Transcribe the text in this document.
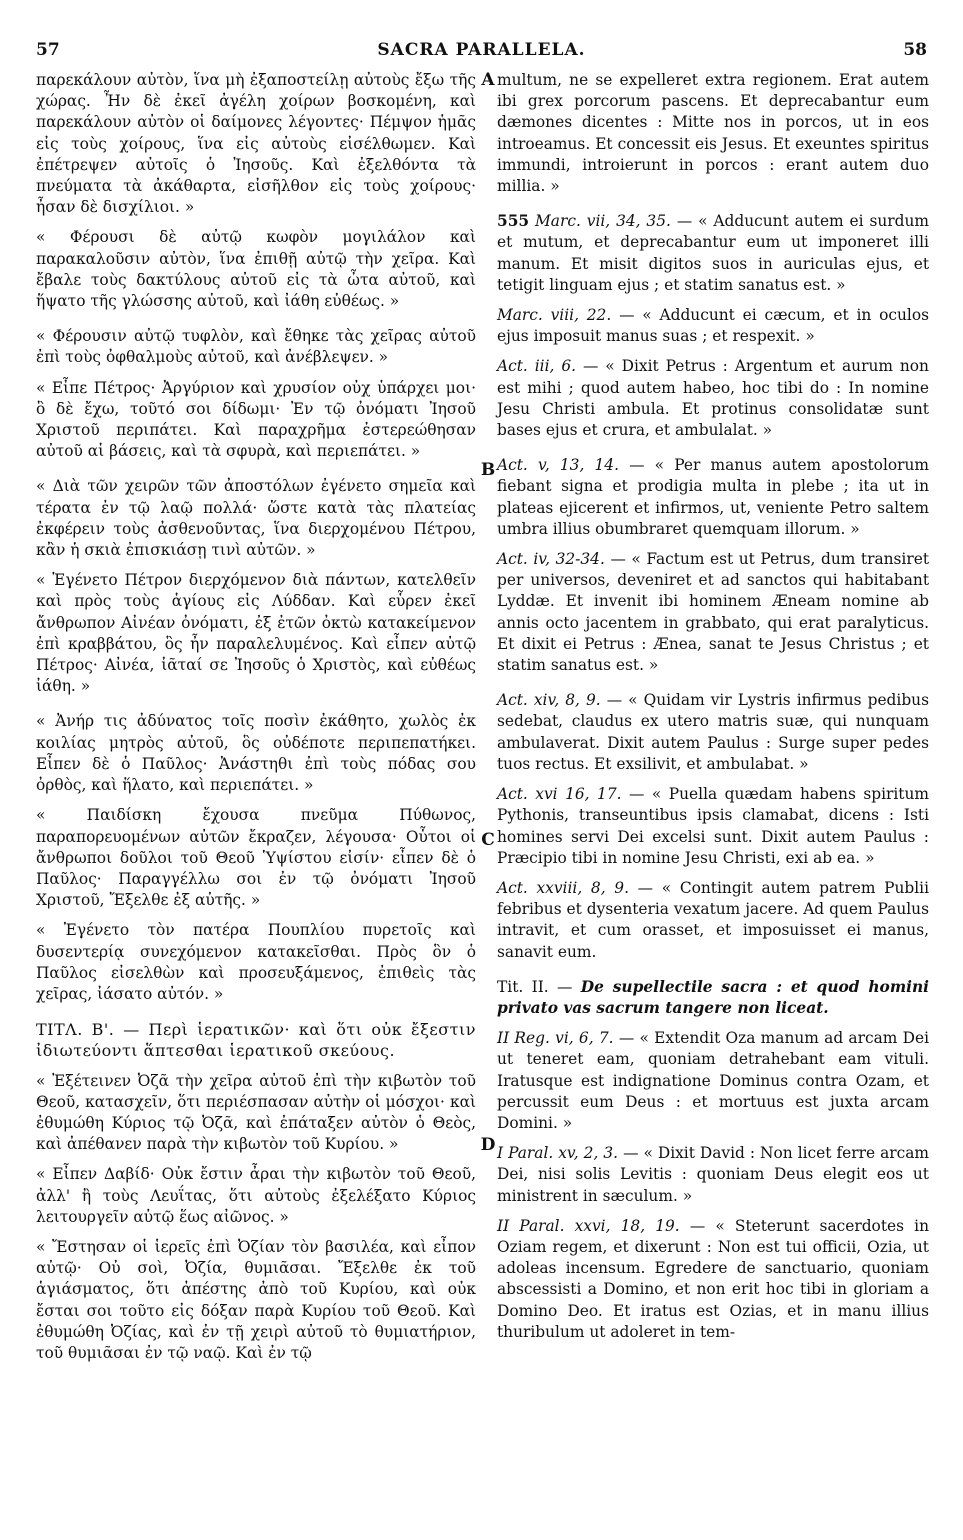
57	SACRA PARALLELA.	58
A
B
C
D

παρεκάλουν αὐτὸν, ἵνα μὴ ἐξαποστείλῃ αὐτοὺς ἔξω τῆς χώρας. Ἦν δὲ ἐκεῖ ἀγέλη χοίρων βοσκομένη, καὶ παρεκάλουν αὐτὸν οἱ δαίμονες λέγοντες· Πέμψον ἡμᾶς εἰς τοὺς χοίρους, ἵνα εἰς αὐτοὺς εἰσέλθωμεν. Καὶ ἐπέτρεψεν αὐτοῖς ὁ Ἰησοῦς. Καὶ ἐξελθόντα τὰ πνεύματα τὰ ἀκάθαρτα, εἰσῆλθον εἰς τοὺς χοίρους· ἦσαν δὲ δισχίλιοι. »

« Φέρουσι δὲ αὐτῷ κωφὸν μογιλάλον καὶ παρακαλοῦσιν αὐτὸν, ἵνα ἐπιθῇ αὐτῷ τὴν χεῖρα. Καὶ ἔβαλε τοὺς δακτύλους αὐτοῦ εἰς τὰ ὦτα αὐτοῦ, καὶ ἥψατο τῆς γλώσσης αὐτοῦ, καὶ ἰάθη εὐθέως. »

« Φέρουσιν αὐτῷ τυφλὸν, καὶ ἔθηκε τὰς χεῖρας αὐτοῦ ἐπὶ τοὺς ὀφθαλμοὺς αὐτοῦ, καὶ ἀνέβλεψεν. »

« Εἶπε Πέτρος· Ἀργύριον καὶ χρυσίον οὐχ ὑπάρχει μοι· ὃ δὲ ἔχω, τοῦτό σοι δίδωμι· Ἐν τῷ ὀνόματι Ἰησοῦ Χριστοῦ περιπάτει. Καὶ παραχρῆμα ἐστερεώθησαν αὐτοῦ αἱ βάσεις, καὶ τὰ σφυρὰ, καὶ περιεπάτει. »

« Διὰ τῶν χειρῶν τῶν ἀποστόλων ἐγένετο σημεῖα καὶ τέρατα ἐν τῷ λαῷ πολλά· ὥστε κατὰ τὰς πλατείας ἐκφέρειν τοὺς ἀσθενοῦντας, ἵνα διερχομένου Πέτρου, κἂν ἡ σκιὰ ἐπισκιάσῃ τινὶ αὐτῶν. »

« Ἐγένετο Πέτρον διερχόμενον διὰ πάντων, κατελθεῖν καὶ πρὸς τοὺς ἁγίους εἰς Λύδδαν. Καὶ εὗρεν ἐκεῖ ἄνθρωπον Αἰνέαν ὀνόματι, ἐξ ἐτῶν ὀκτὼ κατακείμενον ἐπὶ κραββάτου, ὃς ἦν παραλελυμένος. Καὶ εἶπεν αὐτῷ Πέτρος· Αἰνέα, ἰᾶταί σε Ἰησοῦς ὁ Χριστὸς, καὶ εὐθέως ἰάθη. »

« Ἀνήρ τις ἀδύνατος τοῖς ποσὶν ἐκάθητο, χωλὸς ἐκ κοιλίας μητρὸς αὐτοῦ, ὃς οὐδέποτε περιπεπατήκει. Εἶπεν δὲ ὁ Παῦλος· Ἀνάστηθι ἐπὶ τοὺς πόδας σου ὀρθὸς, καὶ ἥλατο, καὶ περιεπάτει. »

« Παιδίσκη ἔχουσα πνεῦμα Πύθωνος, παραπορευομένων αὐτῶν ἔκραζεν, λέγουσα· Οὗτοι οἱ ἄνθρωποι δοῦλοι τοῦ Θεοῦ Ὑψίστου εἰσίν· εἶπεν δὲ ὁ Παῦλος· Παραγγέλλω σοι ἐν τῷ ὀνόματι Ἰησοῦ Χριστοῦ, Ἔξελθε ἐξ αὐτῆς. »

« Ἐγένετο τὸν πατέρα Πουπλίου πυρετοῖς καὶ δυσεντερίᾳ συνεχόμενον κατακεῖσθαι. Πρὸς ὃν ὁ Παῦλος εἰσελθὼν καὶ προσευξάμενος, ἐπιθεὶς τὰς χεῖρας, ἰάσατο αὐτόν. »

ΤΙΤΛ. Β'. — Περὶ ἱερατικῶν· καὶ ὅτι οὐκ ἔξεστιν ἰδιωτεύοντι ἅπτεσθαι ἱερατικοῦ σκεύους.

« Ἐξέτεινεν Ὀζᾶ τὴν χεῖρα αὐτοῦ ἐπὶ τὴν κιβωτὸν τοῦ Θεοῦ, κατασχεῖν, ὅτι περιέσπασαν αὐτὴν οἱ μόσχοι· καὶ ἐθυμώθη Κύριος τῷ Ὀζᾶ, καὶ ἐπάταξεν αὐτὸν ὁ Θεὸς, καὶ ἀπέθανεν παρὰ τὴν κιβωτὸν τοῦ Κυρίου. »

« Εἶπεν Δαβίδ· Οὐκ ἔστιν ἆραι τὴν κιβωτὸν τοῦ Θεοῦ, ἀλλ' ἢ τοὺς Λευΐτας, ὅτι αὐτοὺς ἐξελέξατο Κύριος λειτουργεῖν αὐτῷ ἕως αἰῶνος. »

« Ἔστησαν οἱ ἱερεῖς ἐπὶ Ὀζίαν τὸν βασιλέα, καὶ εἶπον αὐτῷ· Οὐ σοὶ, Ὀζία, θυμιᾶσαι. Ἔξελθε ἐκ τοῦ ἁγιάσματος, ὅτι ἀπέστης ἀπὸ τοῦ Κυρίου, καὶ οὐκ ἔσται σοι τοῦτο εἰς δόξαν παρὰ Κυρίου τοῦ Θεοῦ. Καὶ ἐθυμώθη Ὀζίας, καὶ ἐν τῇ χειρὶ αὐτοῦ τὸ θυμιατήριον, τοῦ θυμιᾶσαι ἐν τῷ ναῷ. Καὶ ἐν τῷ

multum, ne se expelleret extra regionem. Erat autem ibi grex porcorum pascens. Et deprecabantur eum dæmones dicentes : Mitte nos in porcos, ut in eos introeamus. Et concessit eis Jesus. Et exeuntes spiritus immundi, introierunt in porcos : erant autem duo millia. »

555 Marc. vii, 34, 35. — « Adducunt autem ei surdum et mutum, et deprecabantur eum ut imponeret illi manum. Et misit digitos suos in auriculas ejus, et tetigit linguam ejus ; et statim sanatus est. »

Marc. viii, 22. — « Adducunt ei cæcum, et in oculos ejus imposuit manus suas ; et respexit. »

Act. iii, 6. — « Dixit Petrus : Argentum et aurum non est mihi ; quod autem habeo, hoc tibi do : In nomine Jesu Christi ambula. Et protinus consolidatæ sunt bases ejus et crura, et ambulalat. »

Act. v, 13, 14. — « Per manus autem apostolorum fiebant signa et prodigia multa in plebe ; ita ut in plateas ejicerent et infirmos, ut, veniente Petro saltem umbra illius obumbraret quemquam illorum. »

Act. iv, 32-34. — « Factum est ut Petrus, dum transiret per universos, deveniret et ad sanctos qui habitabant Lyddæ. Et invenit ibi hominem Æneam nomine ab annis octo jacentem in grabbato, qui erat paralyticus. Et dixit ei Petrus : Ænea, sanat te Jesus Christus ; et statim sanatus est. »

Act. xiv, 8, 9. — « Quidam vir Lystris infirmus pedibus sedebat, claudus ex utero matris suæ, qui nunquam ambulaverat. Dixit autem Paulus : Surge super pedes tuos rectus. Et exsilivit, et ambulabat. »

Act. xvi 16, 17. — « Puella quædam habens spiritum Pythonis, transeuntibus ipsis clamabat, dicens : Isti homines servi Dei excelsi sunt. Dixit autem Paulus : Præcipio tibi in nomine Jesu Christi, exi ab ea. »

Act. xxviii, 8, 9. — « Contingit autem patrem Publii febribus et dysenteria vexatum jacere. Ad quem Paulus intravit, et cum orasset, et imposuisset ei manus, sanavit eum.

Tit. II. — De supellectile sacra : et quod homini privato vas sacrum tangere non liceat.

II Reg. vi, 6, 7. — « Extendit Oza manum ad arcam Dei ut teneret eam, quoniam detrahebant eam vituli. Iratusque est indignatione Dominus contra Ozam, et percussit eum Deus : et mortuus est juxta arcam Domini. »

I Paral. xv, 2, 3. — « Dixit David : Non licet ferre arcam Dei, nisi solis Levitis : quoniam Deus elegit eos ut ministrent in sæculum. »

II Paral. xxvi, 18, 19. — « Steterunt sacerdotes in Oziam regem, et dixerunt : Non est tui officii, Ozia, ut adoleas incensum. Egredere de sanctuario, quoniam abscessisti a Domino, et non erit hoc tibi in gloriam a Domino Deo. Et iratus est Ozias, et in manu illius thuribulum ut adoleret in tem-
